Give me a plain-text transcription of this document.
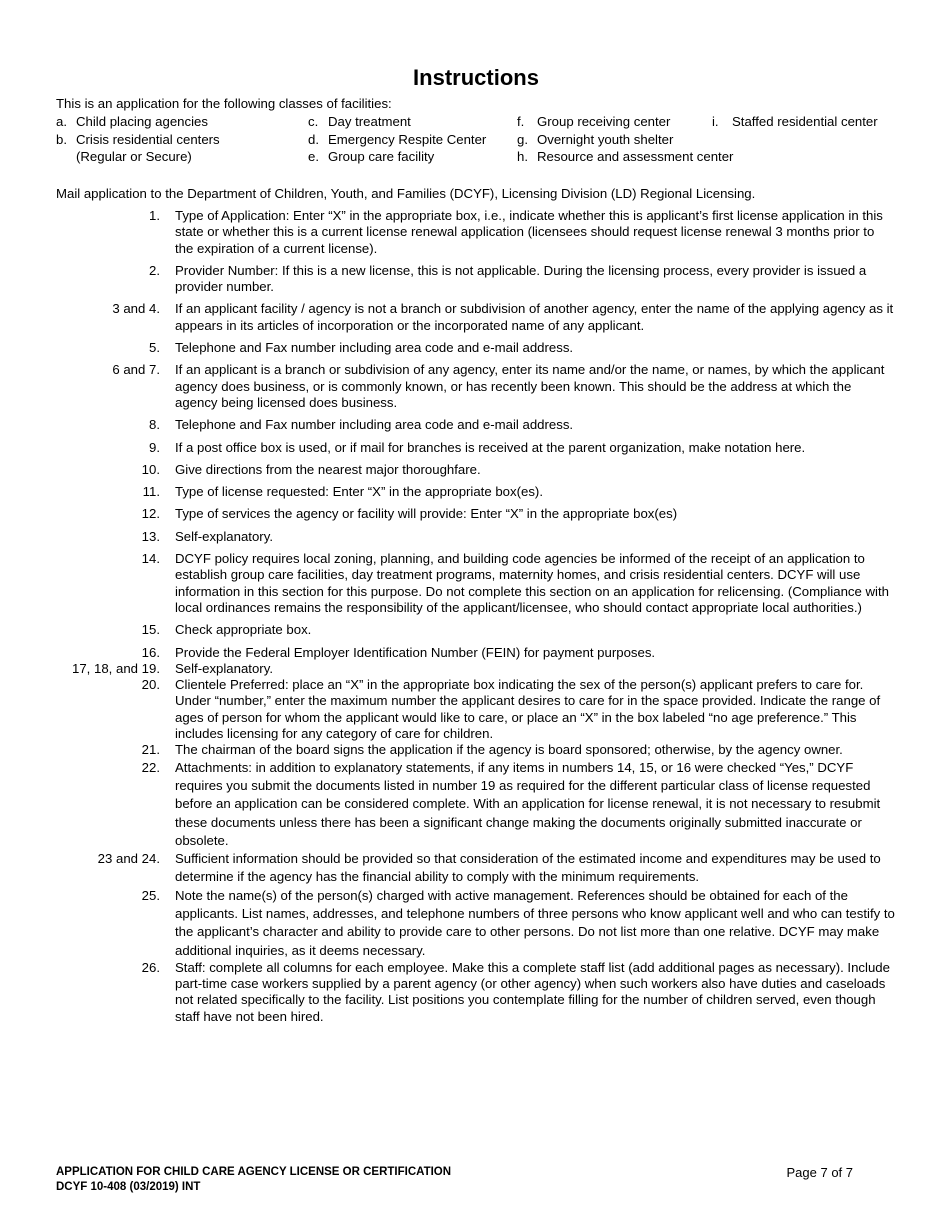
Instructions
This is an application for the following classes of facilities:
a. Child placing agencies
b. Crisis residential centers
(Regular or Secure)
c. Day treatment
d. Emergency Respite Center
e. Group care facility
f. Group receiving center
g. Overnight youth shelter
h. Resource and assessment center
i. Staffed residential center
Mail application to the Department of Children, Youth, and Families (DCYF), Licensing Division (LD) Regional Licensing.
1. Type of Application: Enter “X” in the appropriate box, i.e., indicate whether this is applicant’s first license application in this state or whether this is a current license renewal application (licensees should request license renewal 3 months prior to the expiration of a current license).
2. Provider Number: If this is a new license, this is not applicable. During the licensing process, every provider is issued a provider number.
3 and 4. If an applicant facility / agency is not a branch or subdivision of another agency, enter the name of the applying agency as it appears in its articles of incorporation or the incorporated name of any applicant.
5. Telephone and Fax number including area code and e-mail address.
6 and 7. If an applicant is a branch or subdivision of any agency, enter its name and/or the name, or names, by which the applicant agency does business, or is commonly known, or has recently been known. This should be the address at which the agency being licensed does business.
8. Telephone and Fax number including area code and e-mail address.
9. If a post office box is used, or if mail for branches is received at the parent organization, make notation here.
10. Give directions from the nearest major thoroughfare.
11. Type of license requested: Enter “X” in the appropriate box(es).
12. Type of services the agency or facility will provide: Enter “X” in the appropriate box(es)
13. Self-explanatory.
14. DCYF policy requires local zoning, planning, and building code agencies be informed of the receipt of an application to establish group care facilities, day treatment programs, maternity homes, and crisis residential centers. DCYF will use information in this section for this purpose. Do not complete this section on an application for relicensing. (Compliance with local ordinances remains the responsibility of the applicant/licensee, who should contact appropriate local authorities.)
15. Check appropriate box.
16. Provide the Federal Employer Identification Number (FEIN) for payment purposes.
17, 18, and 19. Self-explanatory.
20. Clientele Preferred: place an “X” in the appropriate box indicating the sex of the person(s) applicant prefers to care for. Under “number,” enter the maximum number the applicant desires to care for in the space provided. Indicate the range of ages of person for whom the applicant would like to care, or place an “X” in the box labeled “no age preference.” This includes licensing for any category of care for children.
21. The chairman of the board signs the application if the agency is board sponsored; otherwise, by the agency owner.
22. Attachments: in addition to explanatory statements, if any items in numbers 14, 15, or 16 were checked “Yes,” DCYF requires you submit the documents listed in number 19 as required for the different particular class of license requested before an application can be considered complete. With an application for license renewal, it is not necessary to resubmit these documents unless there has been a significant change making the documents originally submitted inaccurate or obsolete.
23 and 24. Sufficient information should be provided so that consideration of the estimated income and expenditures may be used to determine if the agency has the financial ability to comply with the minimum requirements.
25. Note the name(s) of the person(s) charged with active management. References should be obtained for each of the applicants. List names, addresses, and telephone numbers of three persons who know applicant well and who can testify to the applicant’s character and ability to provide care to other persons. Do not list more than one relative. DCYF may make additional inquiries, as it deems necessary.
26. Staff: complete all columns for each employee. Make this a complete staff list (add additional pages as necessary). Include part-time case workers supplied by a parent agency (or other agency) when such workers also have duties and caseloads not related specifically to the facility. List positions you contemplate filling for the number of children served, even though staff have not been hired.
APPLICATION FOR CHILD CARE AGENCY LICENSE OR CERTIFICATION
DCYF 10-408 (03/2019) INT
Page 7 of 7
